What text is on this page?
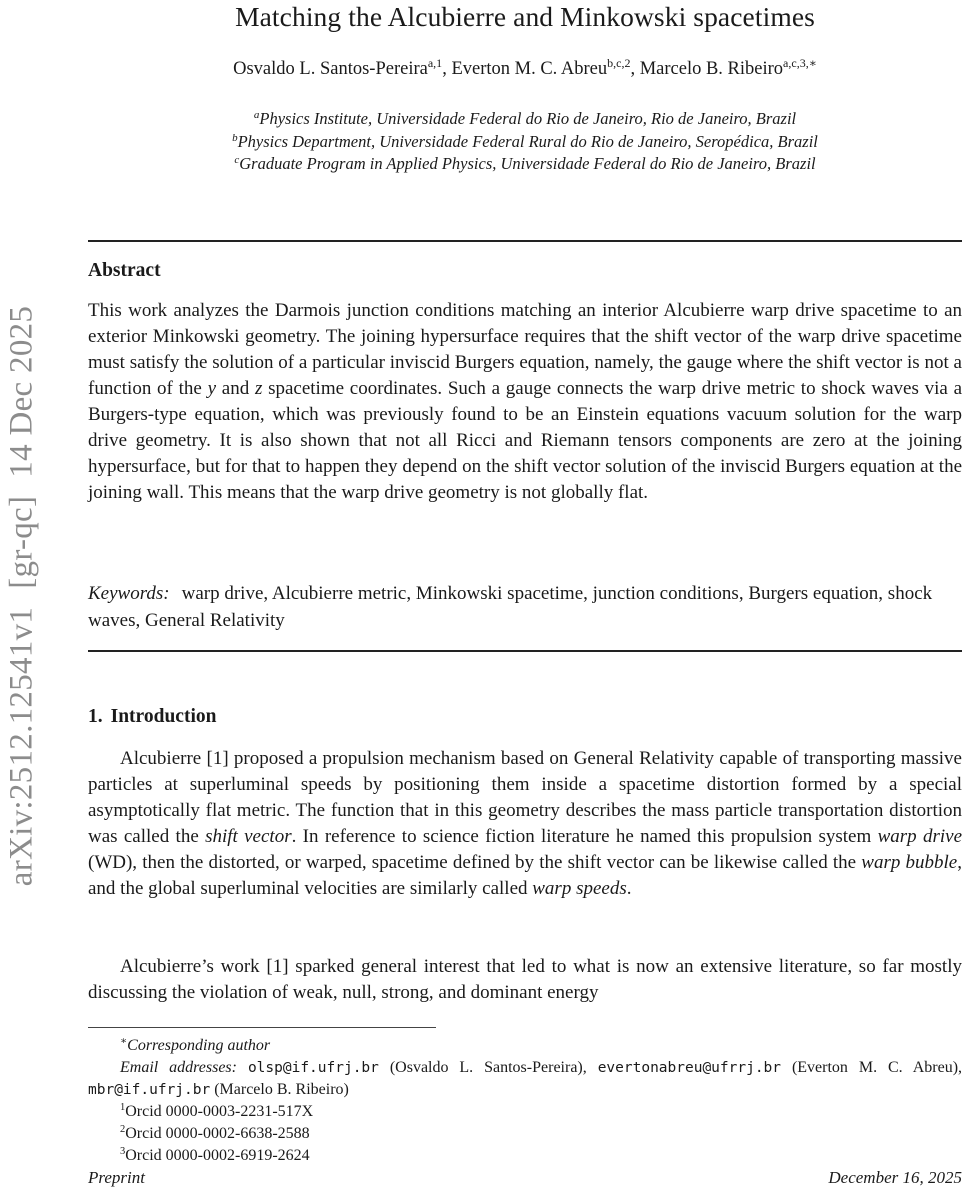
arXiv:2512.12541v1[gr-qc]14 Dec 2025
Matching the Alcubierre and Minkowski spacetimes
Osvaldo L. Santos-Pereira$^{a,1}$, Everton M. C. Abreu$^{b,c,2}$, Marcelo B. Ribeiro$^{a,c,3,∗}$
$^a$Physics Institute, Universidade Federal do Rio de Janeiro, Rio de Janeiro, Brazil
$^b$Physics Department, Universidade Federal Rural do Rio de Janeiro, Seropédica, Brazil
$^c$Graduate Program in Applied Physics, Universidade Federal do Rio de Janeiro, Brazil
Abstract
This work analyzes the Darmois junction conditions matching an interior Alcubierre warp drive spacetime to an exterior Minkowski geometry. The joining hypersurface requires that the shift vector of the warp drive spacetime must satisfy the solution of a particular inviscid Burgers equation, namely, the gauge where the shift vector is not a function of the y and z spacetime coordinates. Such a gauge connects the warp drive metric to shock waves via a Burgers-type equation, which was previously found to be an Einstein equations vacuum solution for the warp drive geometry. It is also shown that not all Ricci and Riemann tensors components are zero at the joining hypersurface, but for that to happen they depend on the shift vector solution of the inviscid Burgers equation at the joining wall. This means that the warp drive geometry is not globally flat.
Keywords: warp drive, Alcubierre metric, Minkowski spacetime, junction conditions, Burgers equation, shock waves, General Relativity
1. Introduction
Alcubierre [1] proposed a propulsion mechanism based on General Relativity capable of transporting massive particles at superluminal speeds by positioning them inside a spacetime distortion formed by a special asymptotically flat metric. The function that in this geometry describes the mass particle transportation distortion was called the shift vector. In reference to science fiction literature he named this propulsion system warp drive (WD), then the distorted, or warped, spacetime defined by the shift vector can be likewise called the warp bubble, and the global superluminal velocities are similarly called warp speeds.
Alcubierre’s work [1] sparked general interest that led to what is now an extensive literature, so far mostly discussing the violation of weak, null, strong, and dominant energy
∗Corresponding author
Email addresses: olsp@if.ufrj.br (Osvaldo L. Santos-Pereira), evertonabreu@ufrrj.br (Everton M. C. Abreu), mbr@if.ufrj.br (Marcelo B. Ribeiro)
$^1$Orcid 0000-0003-2231-517X
$^2$Orcid 0000-0002-6638-2588
$^3$Orcid 0000-0002-6919-2624
Preprint	December 16, 2025
